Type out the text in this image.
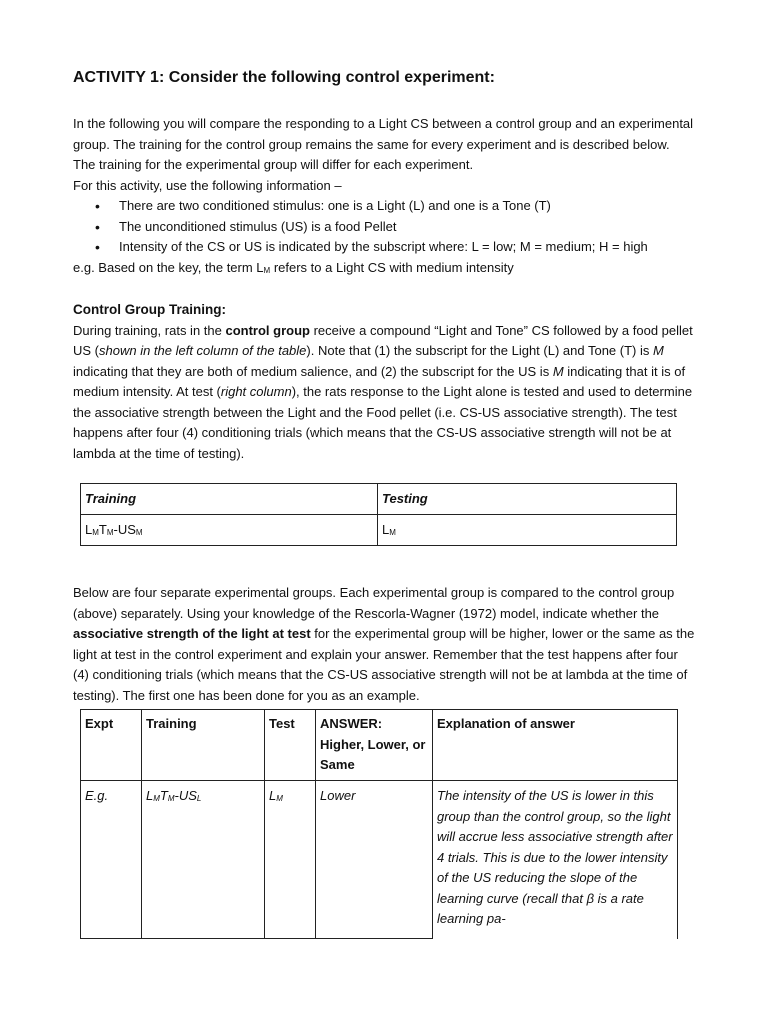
ACTIVITY 1: Consider the following control experiment:

In the following you will compare the responding to a Light CS between a control group and an experimental group. The training for the control group remains the same for every experiment and is described below. The training for the experimental group will differ for each experiment.

For this activity, use the following information –

• There are two conditioned stimulus: one is a Light (L) and one is a Tone (T)
• The unconditioned stimulus (US) is a food Pellet
• Intensity of the CS or US is indicated by the subscript where: L = low; M = medium; H = high

e.g. Based on the key, the term $L_M$ refers to a Light CS with medium intensity

Control Group Training:

During training, rats in the control group receive a compound “Light and Tone” CS followed by a food pellet US (shown in the left column of the table). Note that (1) the subscript for the Light (L) and Tone (T) is M indicating that they are both of medium salience, and (2) the subscript for the US is M indicating that it is of medium intensity. At test (right column), the rats response to the Light alone is tested and used to determine the associative strength between the Light and the Food pellet (i.e. CS-US associative strength). The test happens after four (4) conditioning trials (which means that the CS-US associative strength will not be at lambda at the time of testing).

Training	Testing
$L_MT_M-US_M$	$L_M$

Below are four separate experimental groups. Each experimental group is compared to the control group (above) separately. Using your knowledge of the Rescorla-Wagner (1972) model, indicate whether the associative strength of the light at test for the experimental group will be higher, lower or the same as the light at test in the control experiment and explain your answer. Remember that the test happens after four (4) conditioning trials (which means that the CS-US associative strength will not be at lambda at the time of testing). The first one has been done for you as an example.

Expt	Training	Test	ANSWER: Higher, Lower, or Same	Explanation of answer
E.g.	$L_MT_M-US_L$	$L_M$	Lower	The intensity of the US is lower in this group than the control group, so the light will accrue less associative strength after 4 trials. This is due to the lower intensity of the US reducing the slope of the learning curve (recall that β is a rate learning pa-
